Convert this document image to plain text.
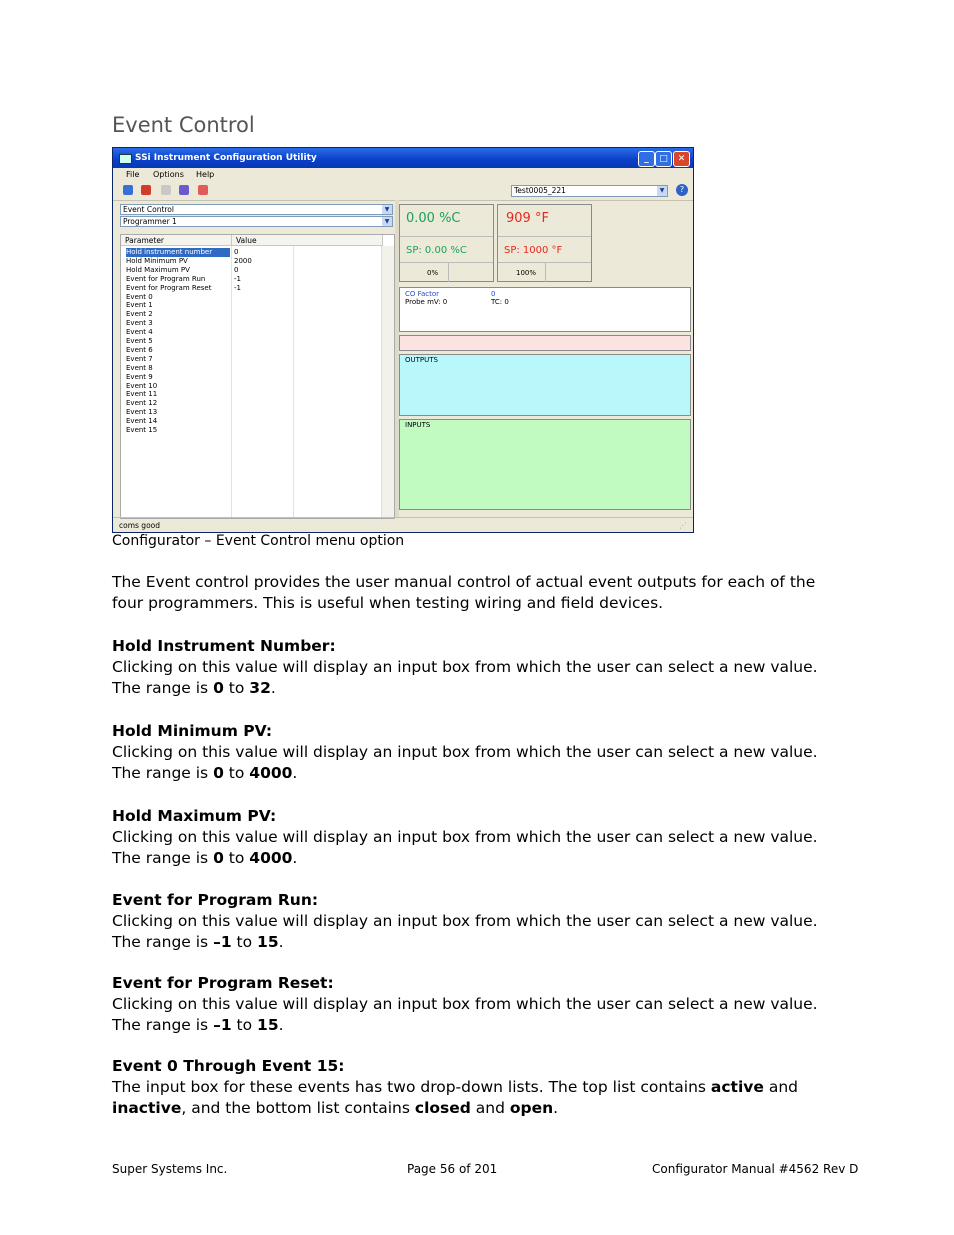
Event Control
SSi Instrument Configuration Utility	_	□	✕
File Options Help
Test0005_221	▼	?
Event Control	▼
Programmer 1	▼
Parameter	Value
Hold instrument number	0
Hold Minimum PV	2000
Hold Maximum PV	0
Event for Program Run	-1
Event for Program Reset	-1
Event 0
Event 1
Event 2
Event 3
Event 4
Event 5
Event 6
Event 7
Event 8
Event 9
Event 10
Event 11
Event 12
Event 13
Event 14
Event 15
0.00 %C
SP: 0.00 %C
0%
909 °F
SP: 1000 °F
100%
CO Factor	0
Probe mV: 0	TC: 0
OUTPUTS
INPUTS
coms good	⋰
Configurator – Event Control menu option
The Event control provides the user manual control of actual event outputs for each of the four programmers. This is useful when testing wiring and field devices.
Hold Instrument Number:
Clicking on this value will display an input box from which the user can select a new value. The range is 0 to 32.
Hold Minimum PV:
Clicking on this value will display an input box from which the user can select a new value. The range is 0 to 4000.
Hold Maximum PV:
Clicking on this value will display an input box from which the user can select a new value. The range is 0 to 4000.
Event for Program Run:
Clicking on this value will display an input box from which the user can select a new value. The range is –1 to 15.
Event for Program Reset:
Clicking on this value will display an input box from which the user can select a new value. The range is –1 to 15.
Event 0 Through Event 15:
The input box for these events has two drop-down lists. The top list contains active and inactive, and the bottom list contains closed and open.
Super Systems Inc.	Page 56 of 201	Configurator Manual #4562 Rev D
